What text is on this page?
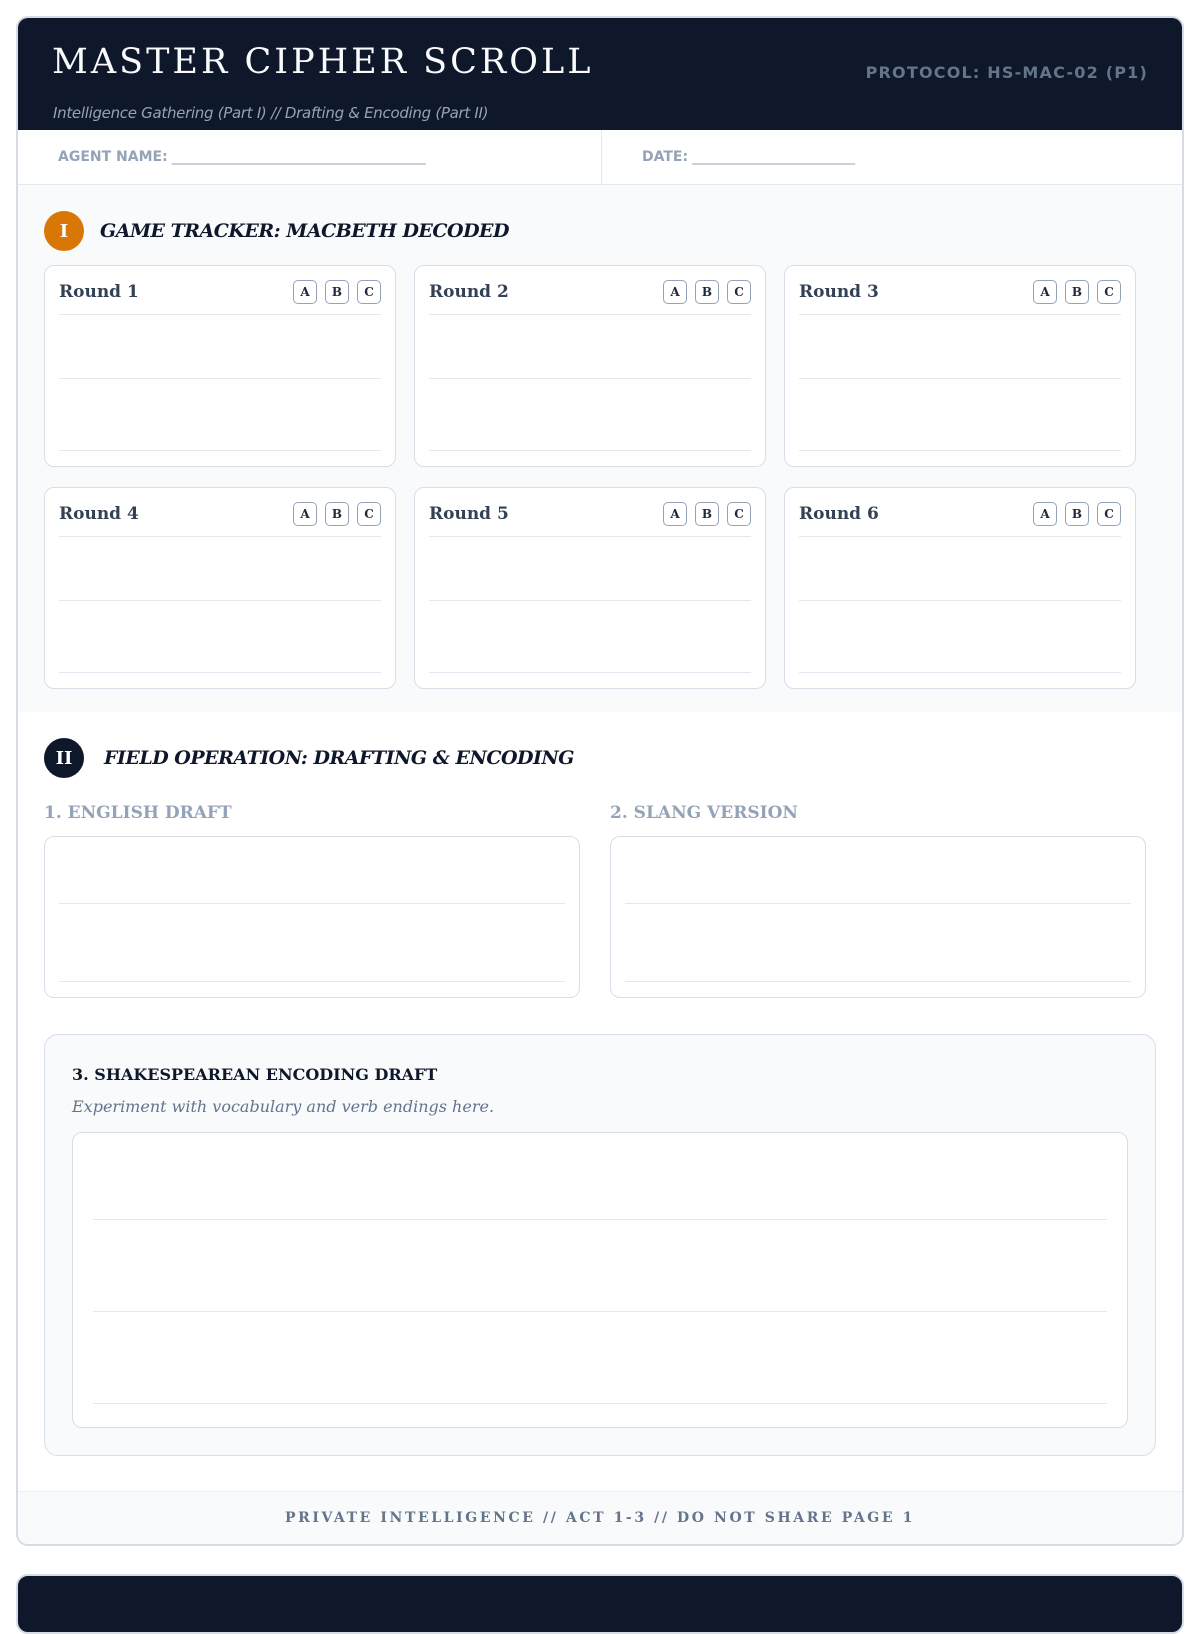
MASTER CIPHER SCROLL
Intelligence Gathering (Part I) // Drafting & Encoding (Part II)
PROTOCOL: HS-MAC-02 (P1)
AGENT NAME: _______________________________________	DATE: _________________________
I	GAME TRACKER: MACBETH DECODED
Round 1	A	B	C	Round 2	A	B	C	Round 3	A	B	C
Round 4	A	B	C	Round 5	A	B	C	Round 6	A	B	C
II	FIELD OPERATION: DRAFTING & ENCODING
1. ENGLISH DRAFT	2. SLANG VERSION
3. SHAKESPEAREAN ENCODING DRAFT
Experiment with vocabulary and verb endings here.
PRIVATE INTELLIGENCE // ACT 1-3 // DO NOT SHARE PAGE 1
